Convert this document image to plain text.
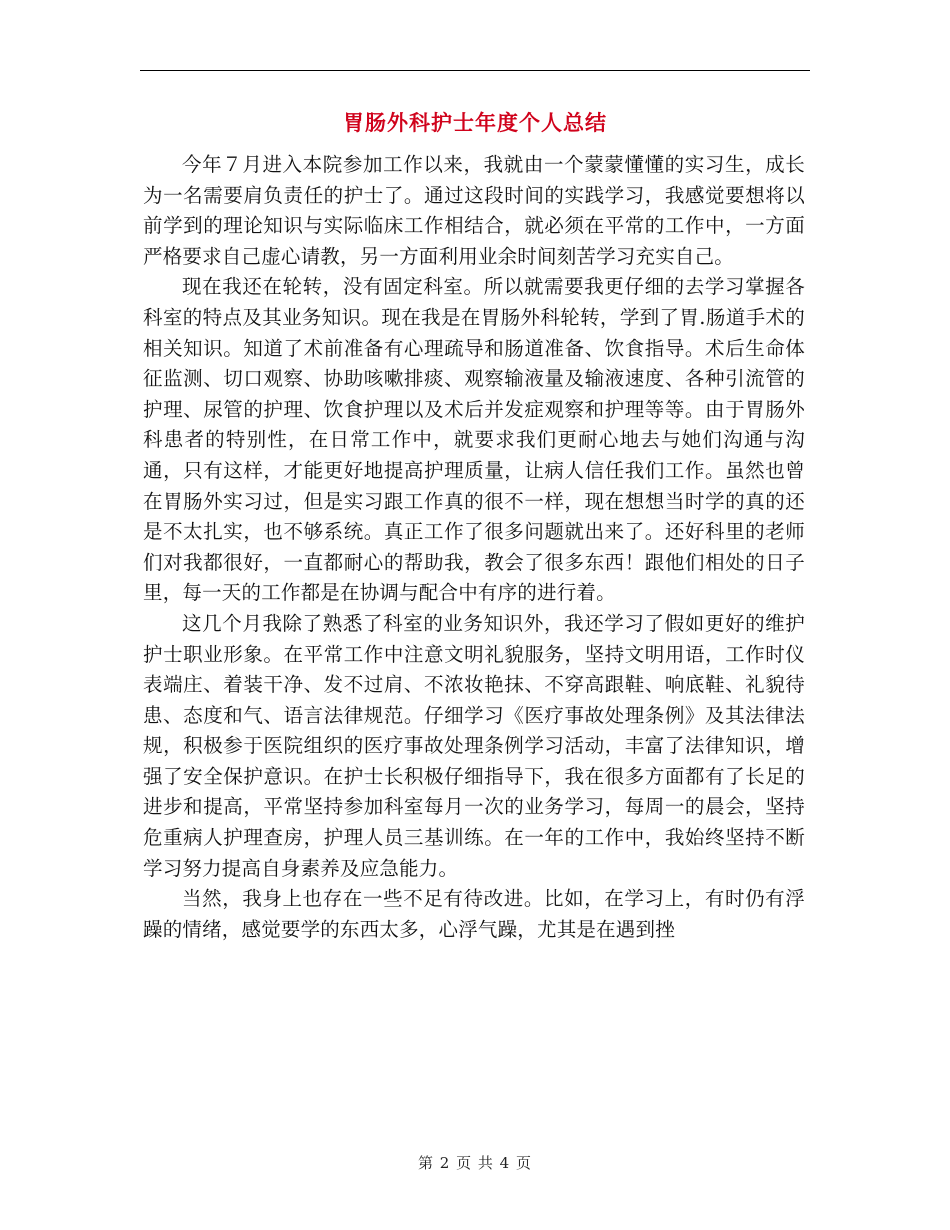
胃肠外科护士年度个人总结

今年７月进入本院参加工作以来，我就由一个蒙蒙懂懂的实习生，成长为一名需要肩负责任的护士了。通过这段时间的实践学习，我感觉要想将以前学到的理论知识与实际临床工作相结合，就必须在平常的工作中，一方面严格要求自己虚心请教，另一方面利用业余时间刻苦学习充实自己。

现在我还在轮转，没有固定科室。所以就需要我更仔细的去学习掌握各科室的特点及其业务知识。现在我是在胃肠外科轮转，学到了胃.肠道手术的相关知识。知道了术前准备有心理疏导和肠道准备、饮食指导。术后生命体征监测、切口观察、协助咳嗽排痰、观察输液量及输液速度、各种引流管的护理、尿管的护理、饮食护理以及术后并发症观察和护理等等。由于胃肠外科患者的特别性，在日常工作中，就要求我们更耐心地去与她们沟通与沟通，只有这样，才能更好地提高护理质量，让病人信任我们工作。虽然也曾在胃肠外实习过，但是实习跟工作真的很不一样，现在想想当时学的真的还是不太扎实，也不够系统。真正工作了很多问题就出来了。还好科里的老师们对我都很好，一直都耐心的帮助我，教会了很多东西！跟他们相处的日子里，每一天的工作都是在协调与配合中有序的进行着。

这几个月我除了熟悉了科室的业务知识外，我还学习了假如更好的维护护士职业形象。在平常工作中注意文明礼貌服务，坚持文明用语，工作时仪表端庄、着装干净、发不过肩、不浓妆艳抹、不穿高跟鞋、响底鞋、礼貌待患、态度和气、语言法律规范。仔细学习《医疗事故处理条例》及其法律法规，积极参于医院组织的医疗事故处理条例学习活动，丰富了法律知识，增强了安全保护意识。在护士长积极仔细指导下，我在很多方面都有了长足的进步和提高，平常坚持参加科室每月一次的业务学习，每周一的晨会，坚持危重病人护理查房，护理人员三基训练。在一年的工作中，我始终坚持不断学习努力提高自身素养及应急能力。

当然，我身上也存在一些不足有待改进。比如，在学习上，有时仍有浮躁的情绪，感觉要学的东西太多，心浮气躁，尤其是在遇到挫

第 2 页 共 4 页
